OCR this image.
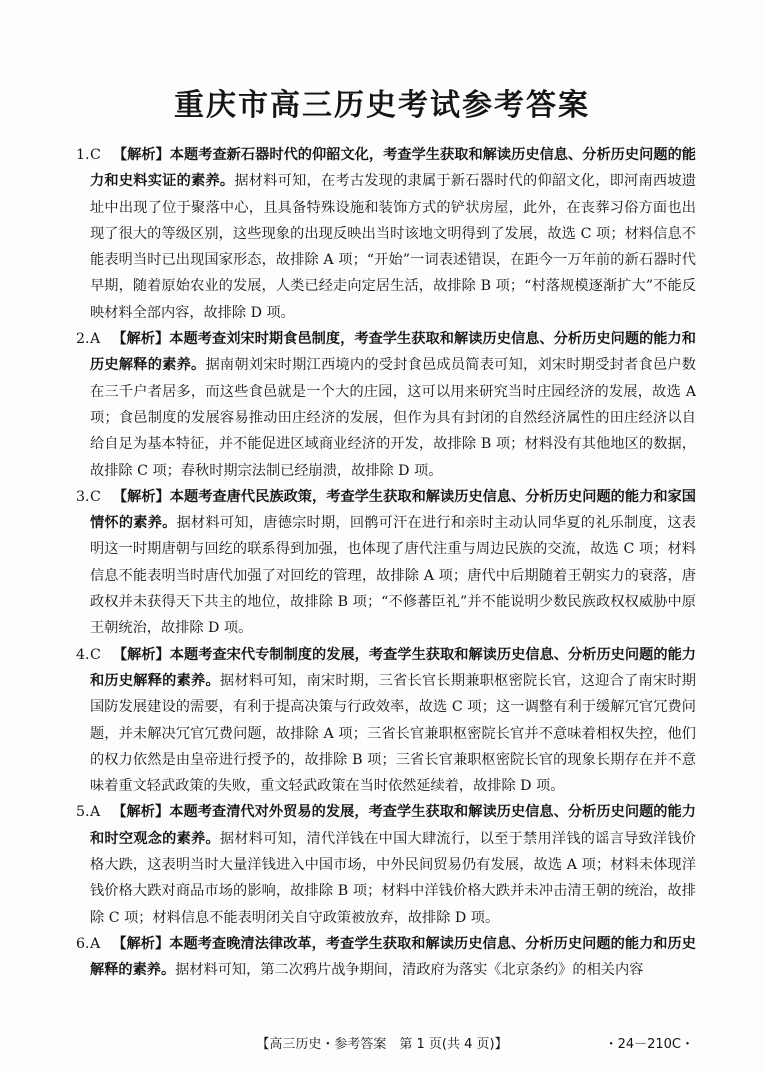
重庆市高三历史考试参考答案
1. C 【解析】本题考查新石器时代的仰韶文化，考查学生获取和解读历史信息、分析历史问题的能力和史料实证的素养。据材料可知，在考古发现的隶属于新石器时代的仰韶文化，即河南西坡遗址中出现了位于聚落中心，且具备特殊设施和装饰方式的铲状房屋，此外，在丧葬习俗方面也出现了很大的等级区别，这些现象的出现反映出当时该地文明得到了发展，故选 C 项；材料信息不能表明当时已出现国家形态，故排除 A 项；“开始”一词表述错误，在距今一万年前的新石器时代早期，随着原始农业的发展，人类已经走向定居生活，故排除 B 项；“村落规模逐渐扩大”不能反映材料全部内容，故排除 D 项。
2. A 【解析】本题考查刘宋时期食邑制度，考查学生获取和解读历史信息、分析历史问题的能力和历史解释的素养。据南朝刘宋时期江西境内的受封食邑成员简表可知，刘宋时期受封者食邑户数在三千户者居多，而这些食邑就是一个大的庄园，这可以用来研究当时庄园经济的发展，故选 A 项；食邑制度的发展容易推动田庄经济的发展，但作为具有封闭的自然经济属性的田庄经济以自给自足为基本特征，并不能促进区域商业经济的开发，故排除 B 项；材料没有其他地区的数据，故排除 C 项；春秋时期宗法制已经崩溃，故排除 D 项。
3. C 【解析】本题考查唐代民族政策，考查学生获取和解读历史信息、分析历史问题的能力和家国情怀的素养。据材料可知，唐德宗时期，回鹘可汗在进行和亲时主动认同华夏的礼乐制度，这表明这一时期唐朝与回纥的联系得到加强，也体现了唐代注重与周边民族的交流，故选 C 项；材料信息不能表明当时唐代加强了对回纥的管理，故排除 A 项；唐代中后期随着王朝实力的衰落，唐政权并未获得天下共主的地位，故排除 B 项；“不修蕃臣礼”并不能说明少数民族政权权威胁中原王朝统治，故排除 D 项。
4. C 【解析】本题考查宋代专制制度的发展，考查学生获取和解读历史信息、分析历史问题的能力和历史解释的素养。据材料可知，南宋时期，三省长官长期兼职枢密院长官，这迎合了南宋时期国防发展建设的需要，有利于提高决策与行政效率，故选 C 项；这一调整有利于缓解冗官冗费问题，并未解决冗官冗费问题，故排除 A 项；三省长官兼职枢密院长官并不意味着相权失控，他们的权力依然是由皇帝进行授予的，故排除 B 项；三省长官兼职枢密院长官的现象长期存在并不意味着重文轻武政策的失败，重文轻武政策在当时依然延续着，故排除 D 项。
5. A 【解析】本题考查清代对外贸易的发展，考查学生获取和解读历史信息、分析历史问题的能力和时空观念的素养。据材料可知，清代洋钱在中国大肆流行，以至于禁用洋钱的谣言导致洋钱价格大跌，这表明当时大量洋钱进入中国市场，中外民间贸易仍有发展，故选 A 项；材料未体现洋钱价格大跌对商品市场的影响，故排除 B 项；材料中洋钱价格大跌并未冲击清王朝的统治，故排除 C 项；材料信息不能表明闭关自守政策被放弃，故排除 D 项。
6. A 【解析】本题考查晚清法律改革，考查学生获取和解读历史信息、分析历史问题的能力和历史解释的素养。据材料可知，第二次鸦片战争期间，清政府为落实《北京条约》的相关内容
【高三历史・参考答案　第 1 页(共 4 页)】	・24－210C・
